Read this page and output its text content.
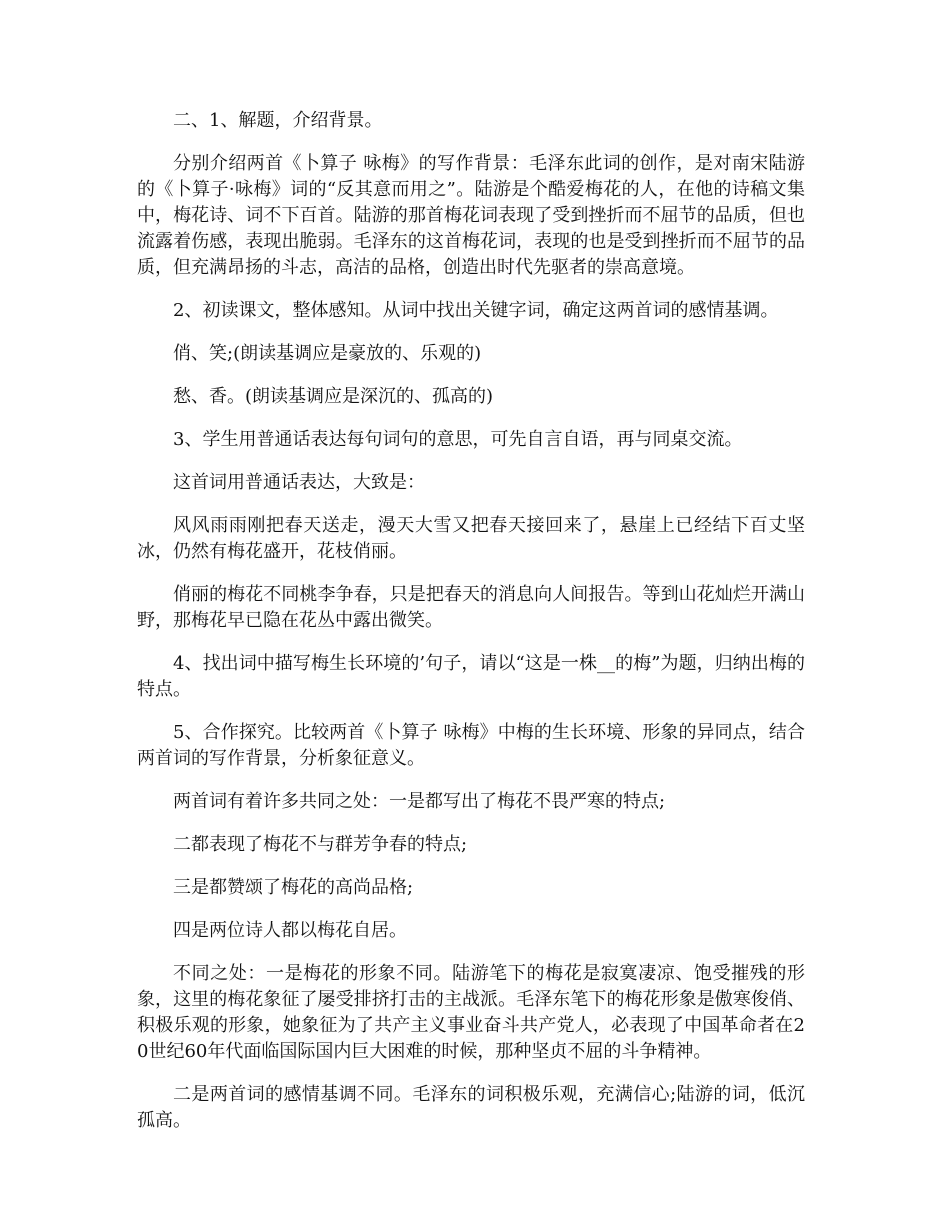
二、1、解题，介绍背景。

分别介绍两首《卜算子 咏梅》的写作背景：毛泽东此词的创作，是对南宋陆游的《卜算子·咏梅》词的“反其意而用之”。陆游是个酷爱梅花的人，在他的诗稿文集中，梅花诗、词不下百首。陆游的那首梅花词表现了受到挫折而不屈节的品质，但也流露着伤感，表现出脆弱。毛泽东的这首梅花词，表现的也是受到挫折而不屈节的品质，但充满昂扬的斗志，高洁的品格，创造出时代先驱者的崇高意境。

2、初读课文，整体感知。从词中找出关键字词，确定这两首词的感情基调。

俏、笑;(朗读基调应是豪放的、乐观的)

愁、香。(朗读基调应是深沉的、孤高的)

3、学生用普通话表达每句词句的意思，可先自言自语，再与同桌交流。

这首词用普通话表达，大致是：

风风雨雨刚把春天送走，漫天大雪又把春天接回来了，悬崖上已经结下百丈坚冰，仍然有梅花盛开，花枝俏丽。

俏丽的梅花不同桃李争春，只是把春天的消息向人间报告。等到山花灿烂开满山野，那梅花早已隐在花丛中露出微笑。

4、找出词中描写梅生长环境的’句子，请以“这是一株__的梅”为题，归纳出梅的特点。

5、合作探究。比较两首《卜算子 咏梅》中梅的生长环境、形象的异同点，结合两首词的写作背景，分析象征意义。

两首词有着许多共同之处：一是都写出了梅花不畏严寒的特点;

二都表现了梅花不与群芳争春的特点;

三是都赞颂了梅花的高尚品格;

四是两位诗人都以梅花自居。

不同之处：一是梅花的形象不同。陆游笔下的梅花是寂寞凄凉、饱受摧残的形象，这里的梅花象征了屡受排挤打击的主战派。毛泽东笔下的梅花形象是傲寒俊俏、积极乐观的形象，她象征为了共产主义事业奋斗共产党人，必表现了中国革命者在20世纪60年代面临国际国内巨大困难的时候，那种坚贞不屈的斗争精神。

二是两首词的感情基调不同。毛泽东的词积极乐观，充满信心;陆游的词，低沉孤高。
